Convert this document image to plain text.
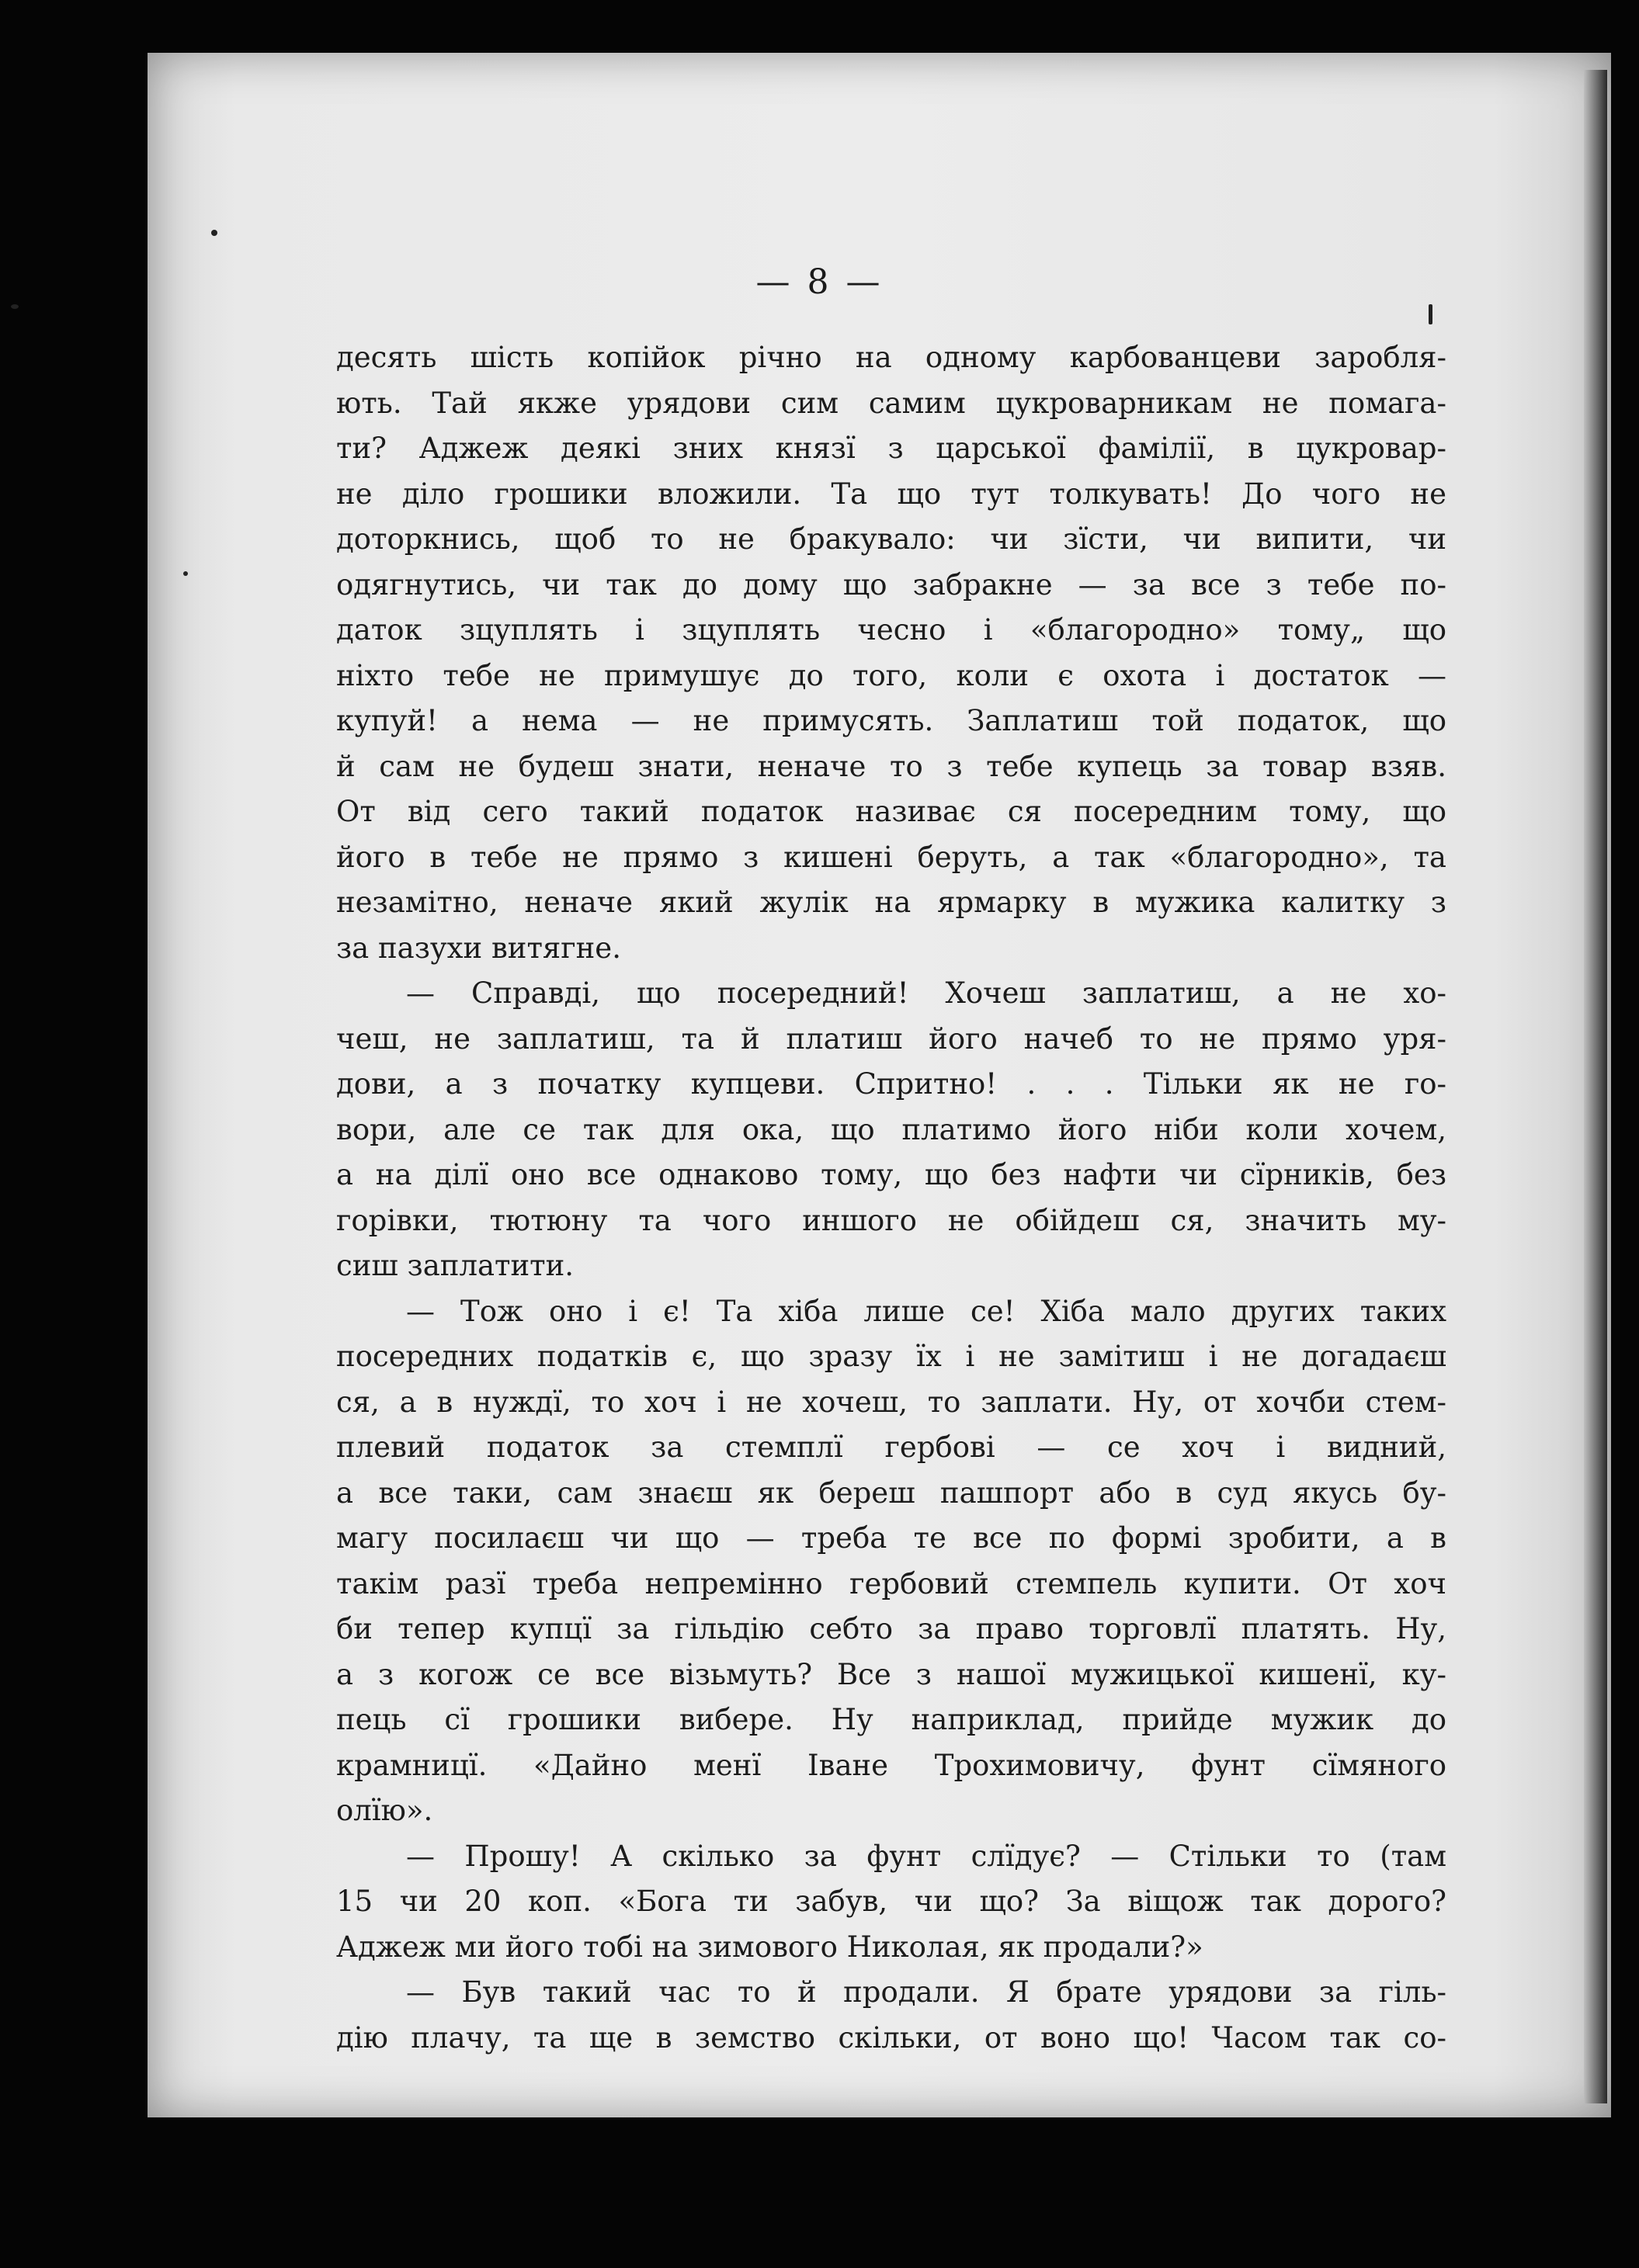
— 8 —
десять шість копійок річно на одному карбованцеви заробля-
ють. Тай якже урядови сим самим цукроварникам не помага-
ти? Аджеж деякі зних князї з царської фамілії, в цукровар-
не діло грошики вложили. Та що тут толкувать! До чого не
доторкнись, щоб то не бракувало: чи зїсти, чи випити, чи
одягнутись, чи так до дому що забракне — за все з тебе по-
даток зцуплять і зцуплять чесно і «благородно» тому„ що
ніхто тебе не примушує до того, коли є охота і достаток —
купуй! а нема — не примусять. Заплатиш той податок, що
й сам не будеш знати, неначе то з тебе купець за товар взяв.
От від сего такий податок називає ся посередним тому, що
його в тебе не прямо з кишені беруть, а так «благородно», та
незамітно, неначе який жулік на ярмарку в мужика калитку з
за пазухи витягне.
— Справді, що посередний! Хочеш заплатиш, а не хо-
чеш, не заплатиш, та й платиш його начеб то не прямо уря-
дови, а з початку купцеви. Спритно! . . . Тільки як не го-
вори, але се так для ока, що платимо його ніби коли хочем,
а на ділї оно все однаково тому, що без нафти чи сїрників, без
горівки, тютюну та чого иншого не обійдеш ся, значить му-
сиш заплатити.
— Тож оно і є! Та хіба лише се! Хіба мало других таких
посередних податків є, що зразу їх і не замітиш і не догадаєш
ся, а в нуждї, то хоч і не хочеш, то заплати. Ну, от хочби стем-
плевий податок за стемплї гербові — се хоч і видний,
а все таки, сам знаєш як береш пашпорт або в суд якусь бу-
магу посилаєш чи що — треба те все по формі зробити, а в
такім разї треба непремінно гербовий стемпель купити. От хоч
би тепер купцї за гільдію себто за право торговлї платять. Ну,
а з когож се все візьмуть? Все з нашої мужицької кишенї, ку-
пець сї грошики вибере. Ну наприклад, прийде мужик до
крамницї. «Дайно менї Іване Трохимовичу, фунт сїмяного
олїю».
— Прошу! А скілько за фунт слїдує? — Стільки то (там
15 чи 20 коп. «Бога ти забув, чи що? За віщож так дорого?
Аджеж ми його тобі на зимового Николая, як продали?»
— Був такий час то й продали. Я брате урядови за гіль-
дію плачу, та ще в земство скільки, от воно що! Часом так со-
